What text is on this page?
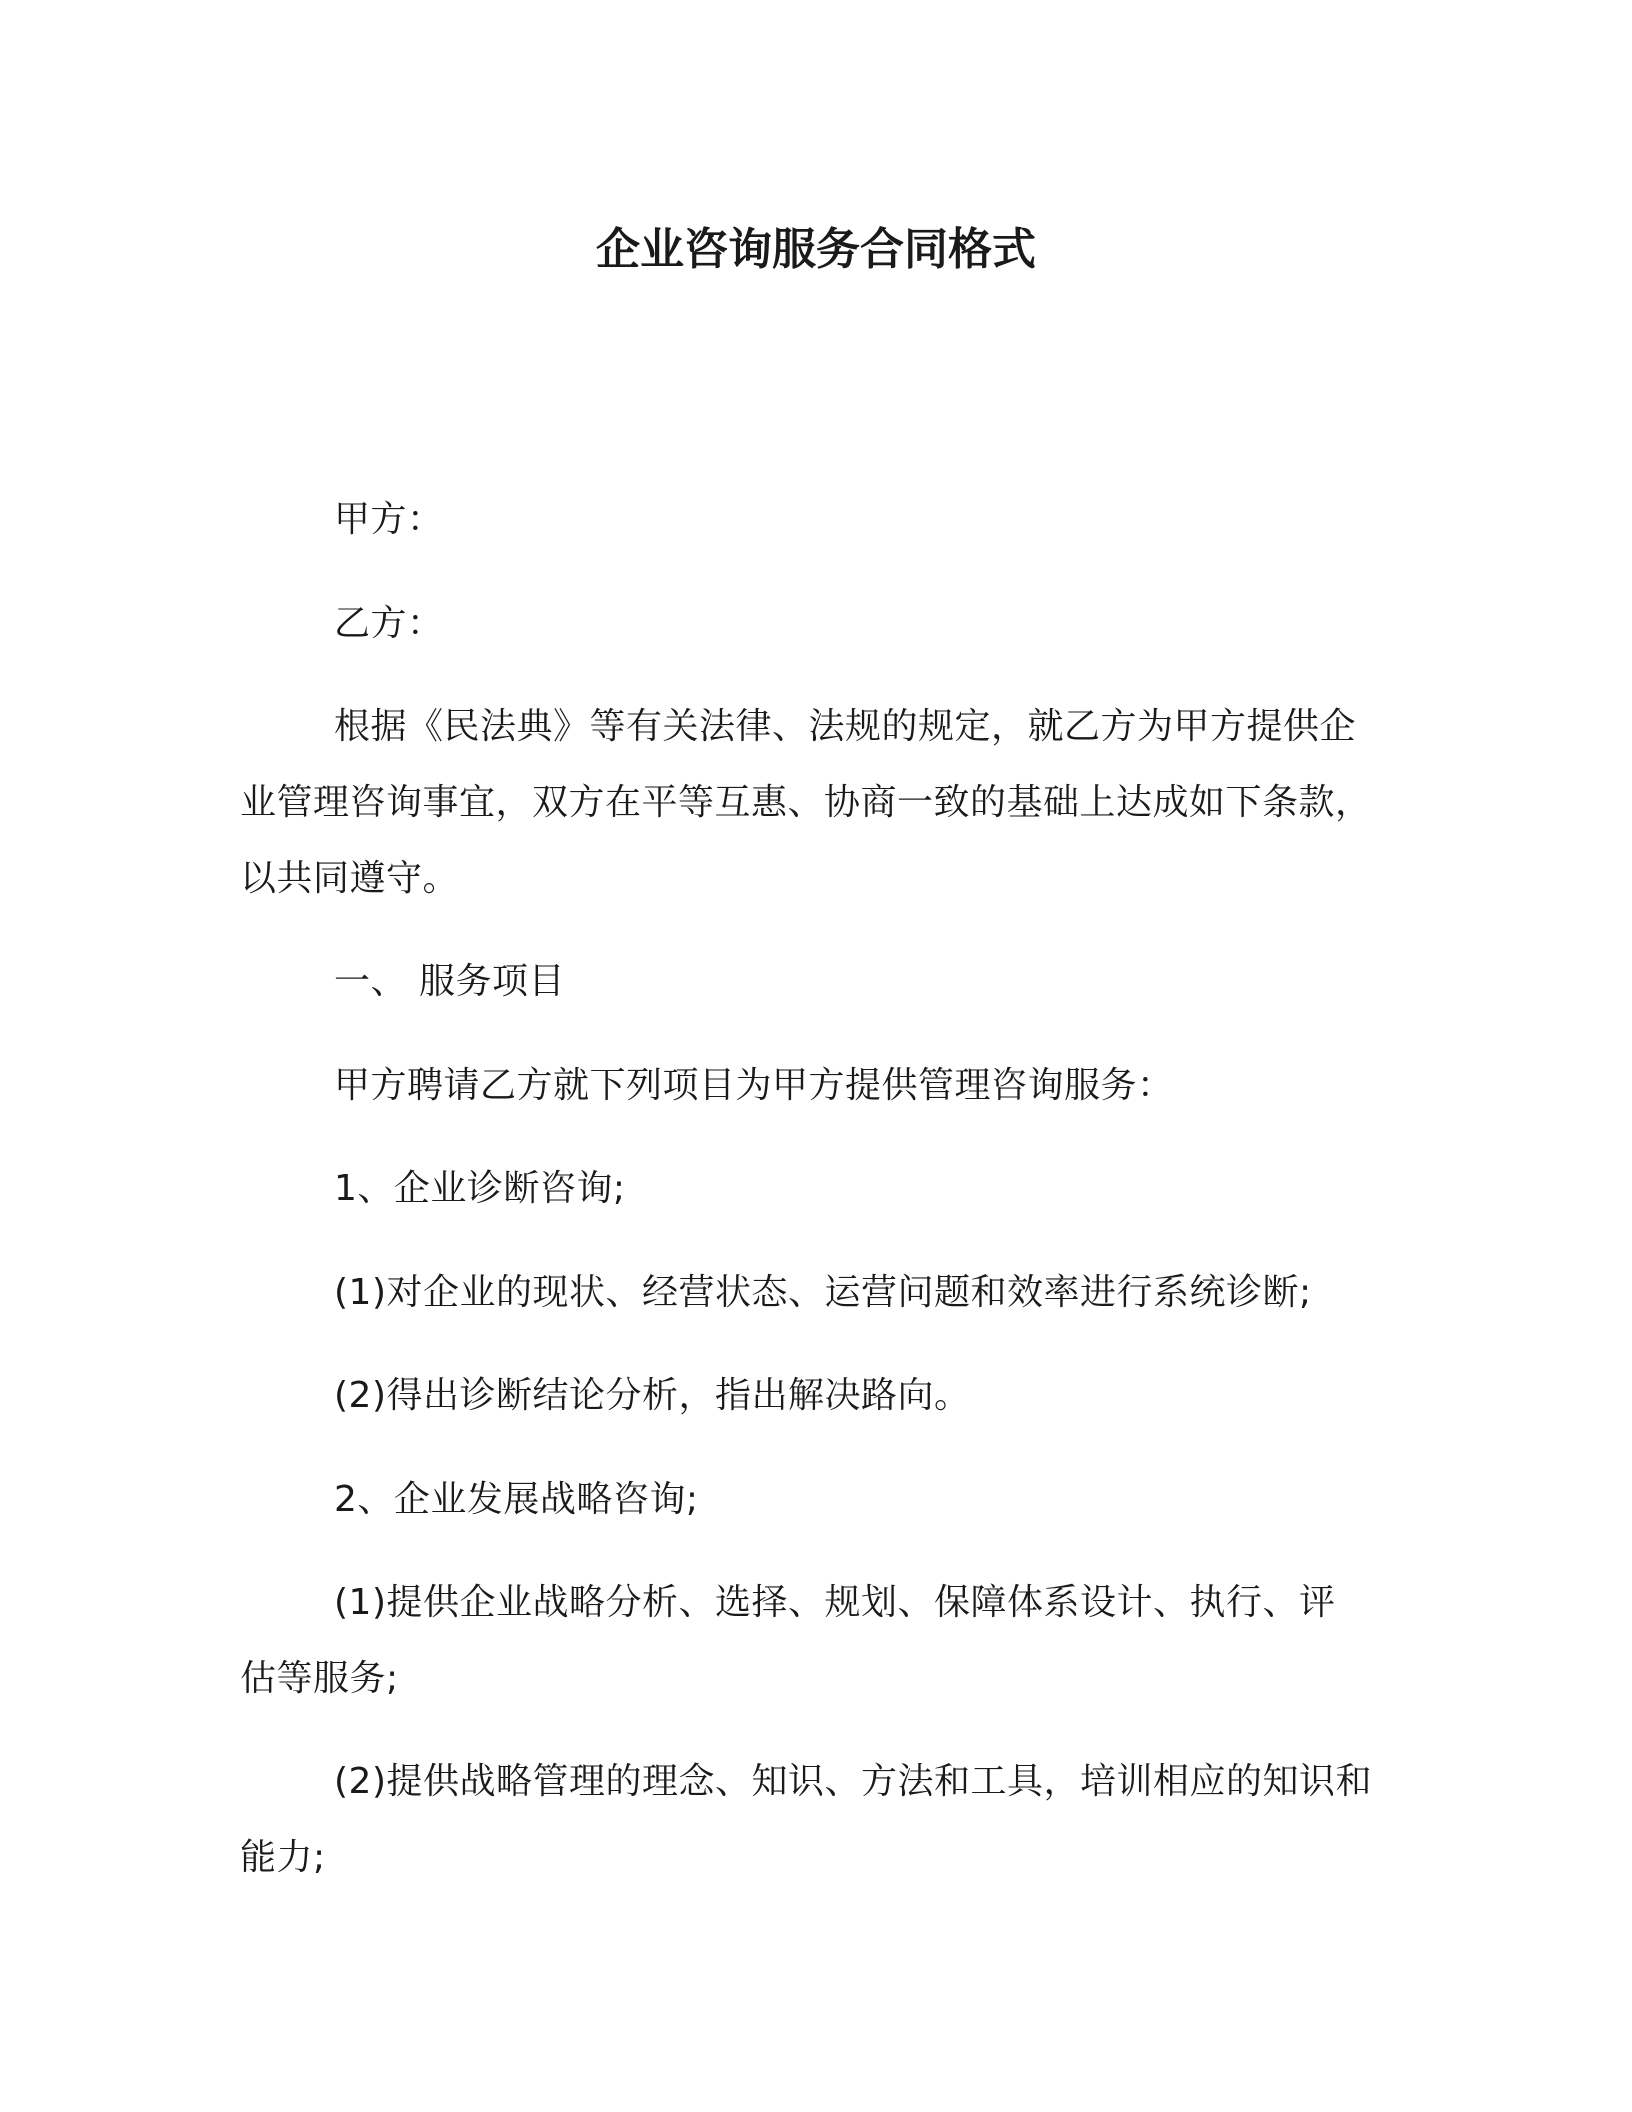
企业咨询服务合同格式
甲方：
乙方：
根据《民法典》等有关法律、法规的规定，就乙方为甲方提供企
业管理咨询事宜，双方在平等互惠、协商一致的基础上达成如下条款，
以共同遵守。
一、 服务项目
甲方聘请乙方就下列项目为甲方提供管理咨询服务：
1、企业诊断咨询;
(1)对企业的现状、经营状态、运营问题和效率进行系统诊断;
(2)得出诊断结论分析，指出解决路向。
2、企业发展战略咨询;
(1)提供企业战略分析、选择、规划、保障体系设计、执行、评
估等服务;
(2)提供战略管理的理念、知识、方法和工具，培训相应的知识和
能力;
